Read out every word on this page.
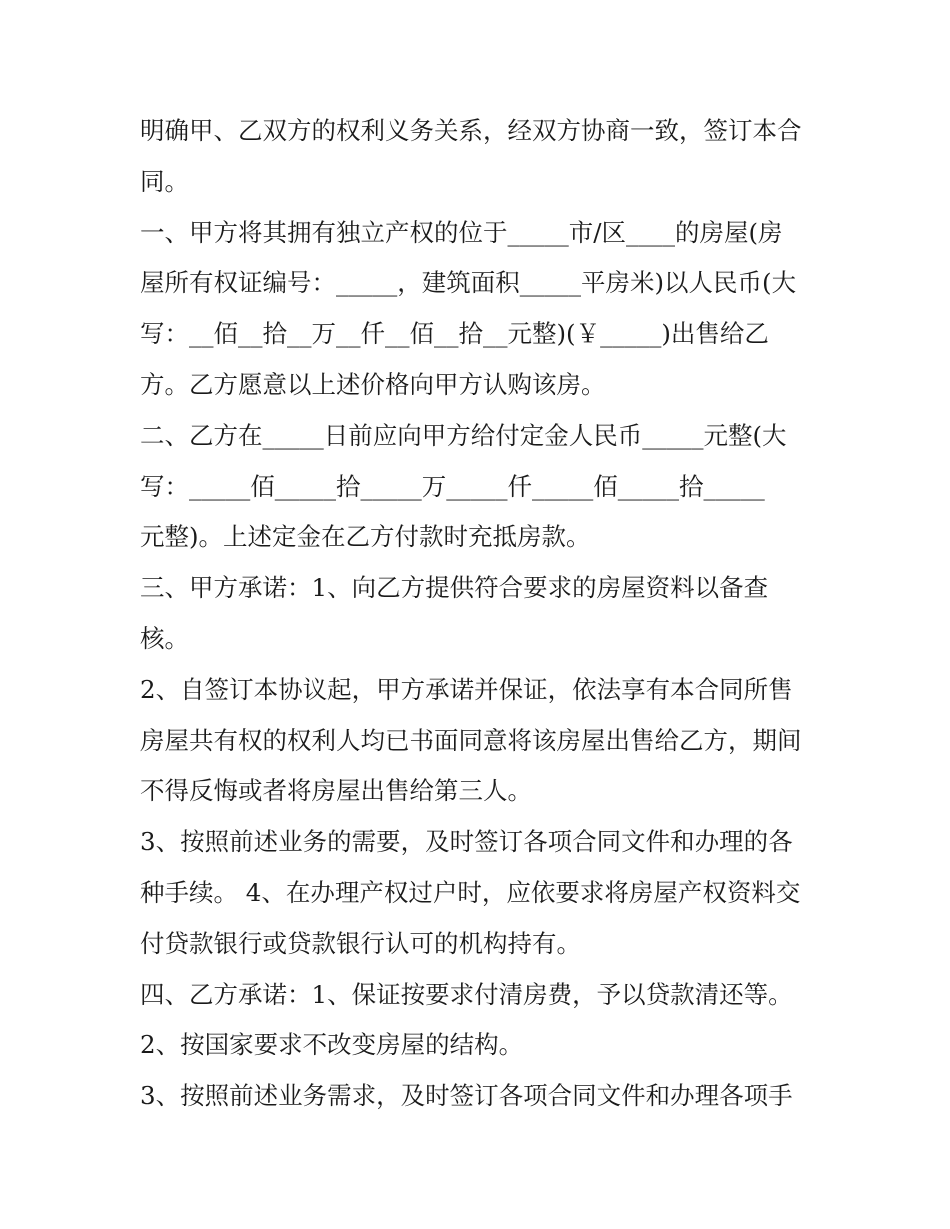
明确甲、乙双方的权利义务关系，经双方协商一致，签订本合
同。
一、甲方将其拥有独立产权的位于_____市/区____的房屋(房
屋所有权证编号：_____，建筑面积_____平房米)以人民币(大
写：__佰__拾__万__仟__佰__拾__元整)(￥_____)出售给乙
方。乙方愿意以上述价格向甲方认购该房。
二、乙方在_____日前应向甲方给付定金人民币_____元整(大
写：_____佰_____拾_____万_____仟_____佰_____拾_____
元整)。上述定金在乙方付款时充抵房款。
三、甲方承诺：1、向乙方提供符合要求的房屋资料以备查
核。
2、自签订本协议起，甲方承诺并保证，依法享有本合同所售
房屋共有权的权利人均已书面同意将该房屋出售给乙方，期间
不得反悔或者将房屋出售给第三人。
3、按照前述业务的需要，及时签订各项合同文件和办理的各
种手续。 4、在办理产权过户时，应依要求将房屋产权资料交
付贷款银行或贷款银行认可的机构持有。
四、乙方承诺：1、保证按要求付清房费，予以贷款清还等。
2、按国家要求不改变房屋的结构。
3、按照前述业务需求，及时签订各项合同文件和办理各项手
